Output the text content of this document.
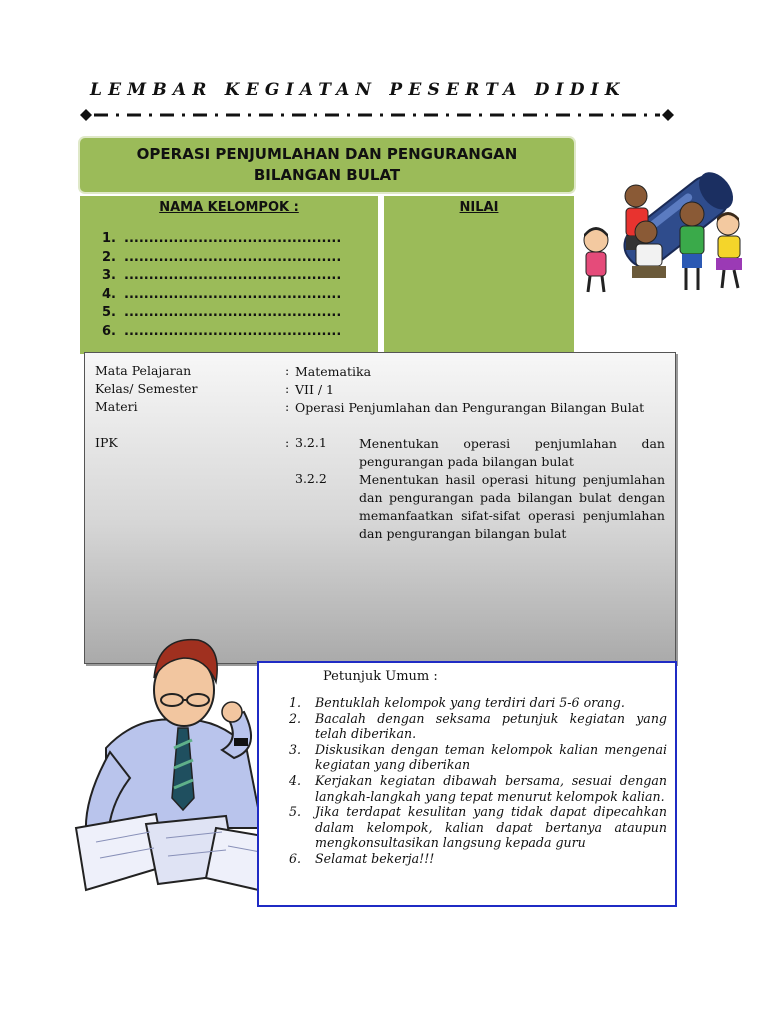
LEMBAR KEGIATAN PESERTA DIDIK
OPERASI PENJUMLAHAN DAN PENGURANGAN BILANGAN BULAT
NAMA KELOMPOK :
1. ............................................
2. ............................................
3. ............................................
4. ............................................
5. ............................................
6. ............................................
NILAI
Mata Pelajaran	: Matematika
Kelas/ Semester	: VII / 1
Materi	: Operasi Penjumlahan dan Pengurangan Bilangan Bulat
IPK	: 3.2.1	Menentukan operasi penjumlahan dan pengurangan pada bilangan bulat
3.2.2	Menentukan hasil operasi hitung penjumlahan dan pengurangan pada bilangan bulat dengan memanfaatkan sifat-sifat operasi penjumlahan dan pengurangan bilangan bulat
Petunjuk Umum :
1. Bentuklah kelompok yang terdiri dari 5-6 orang.
2. Bacalah dengan seksama petunjuk kegiatan yang telah diberikan.
3. Diskusikan dengan teman kelompok kalian mengenai kegiatan yang diberikan
4. Kerjakan kegiatan dibawah bersama, sesuai dengan langkah-langkah yang tepat menurut kelompok kalian.
5. Jika terdapat kesulitan yang tidak dapat dipecahkan dalam kelompok, kalian dapat bertanya ataupun mengkonsultasikan langsung kepada guru
6. Selamat bekerja!!!
